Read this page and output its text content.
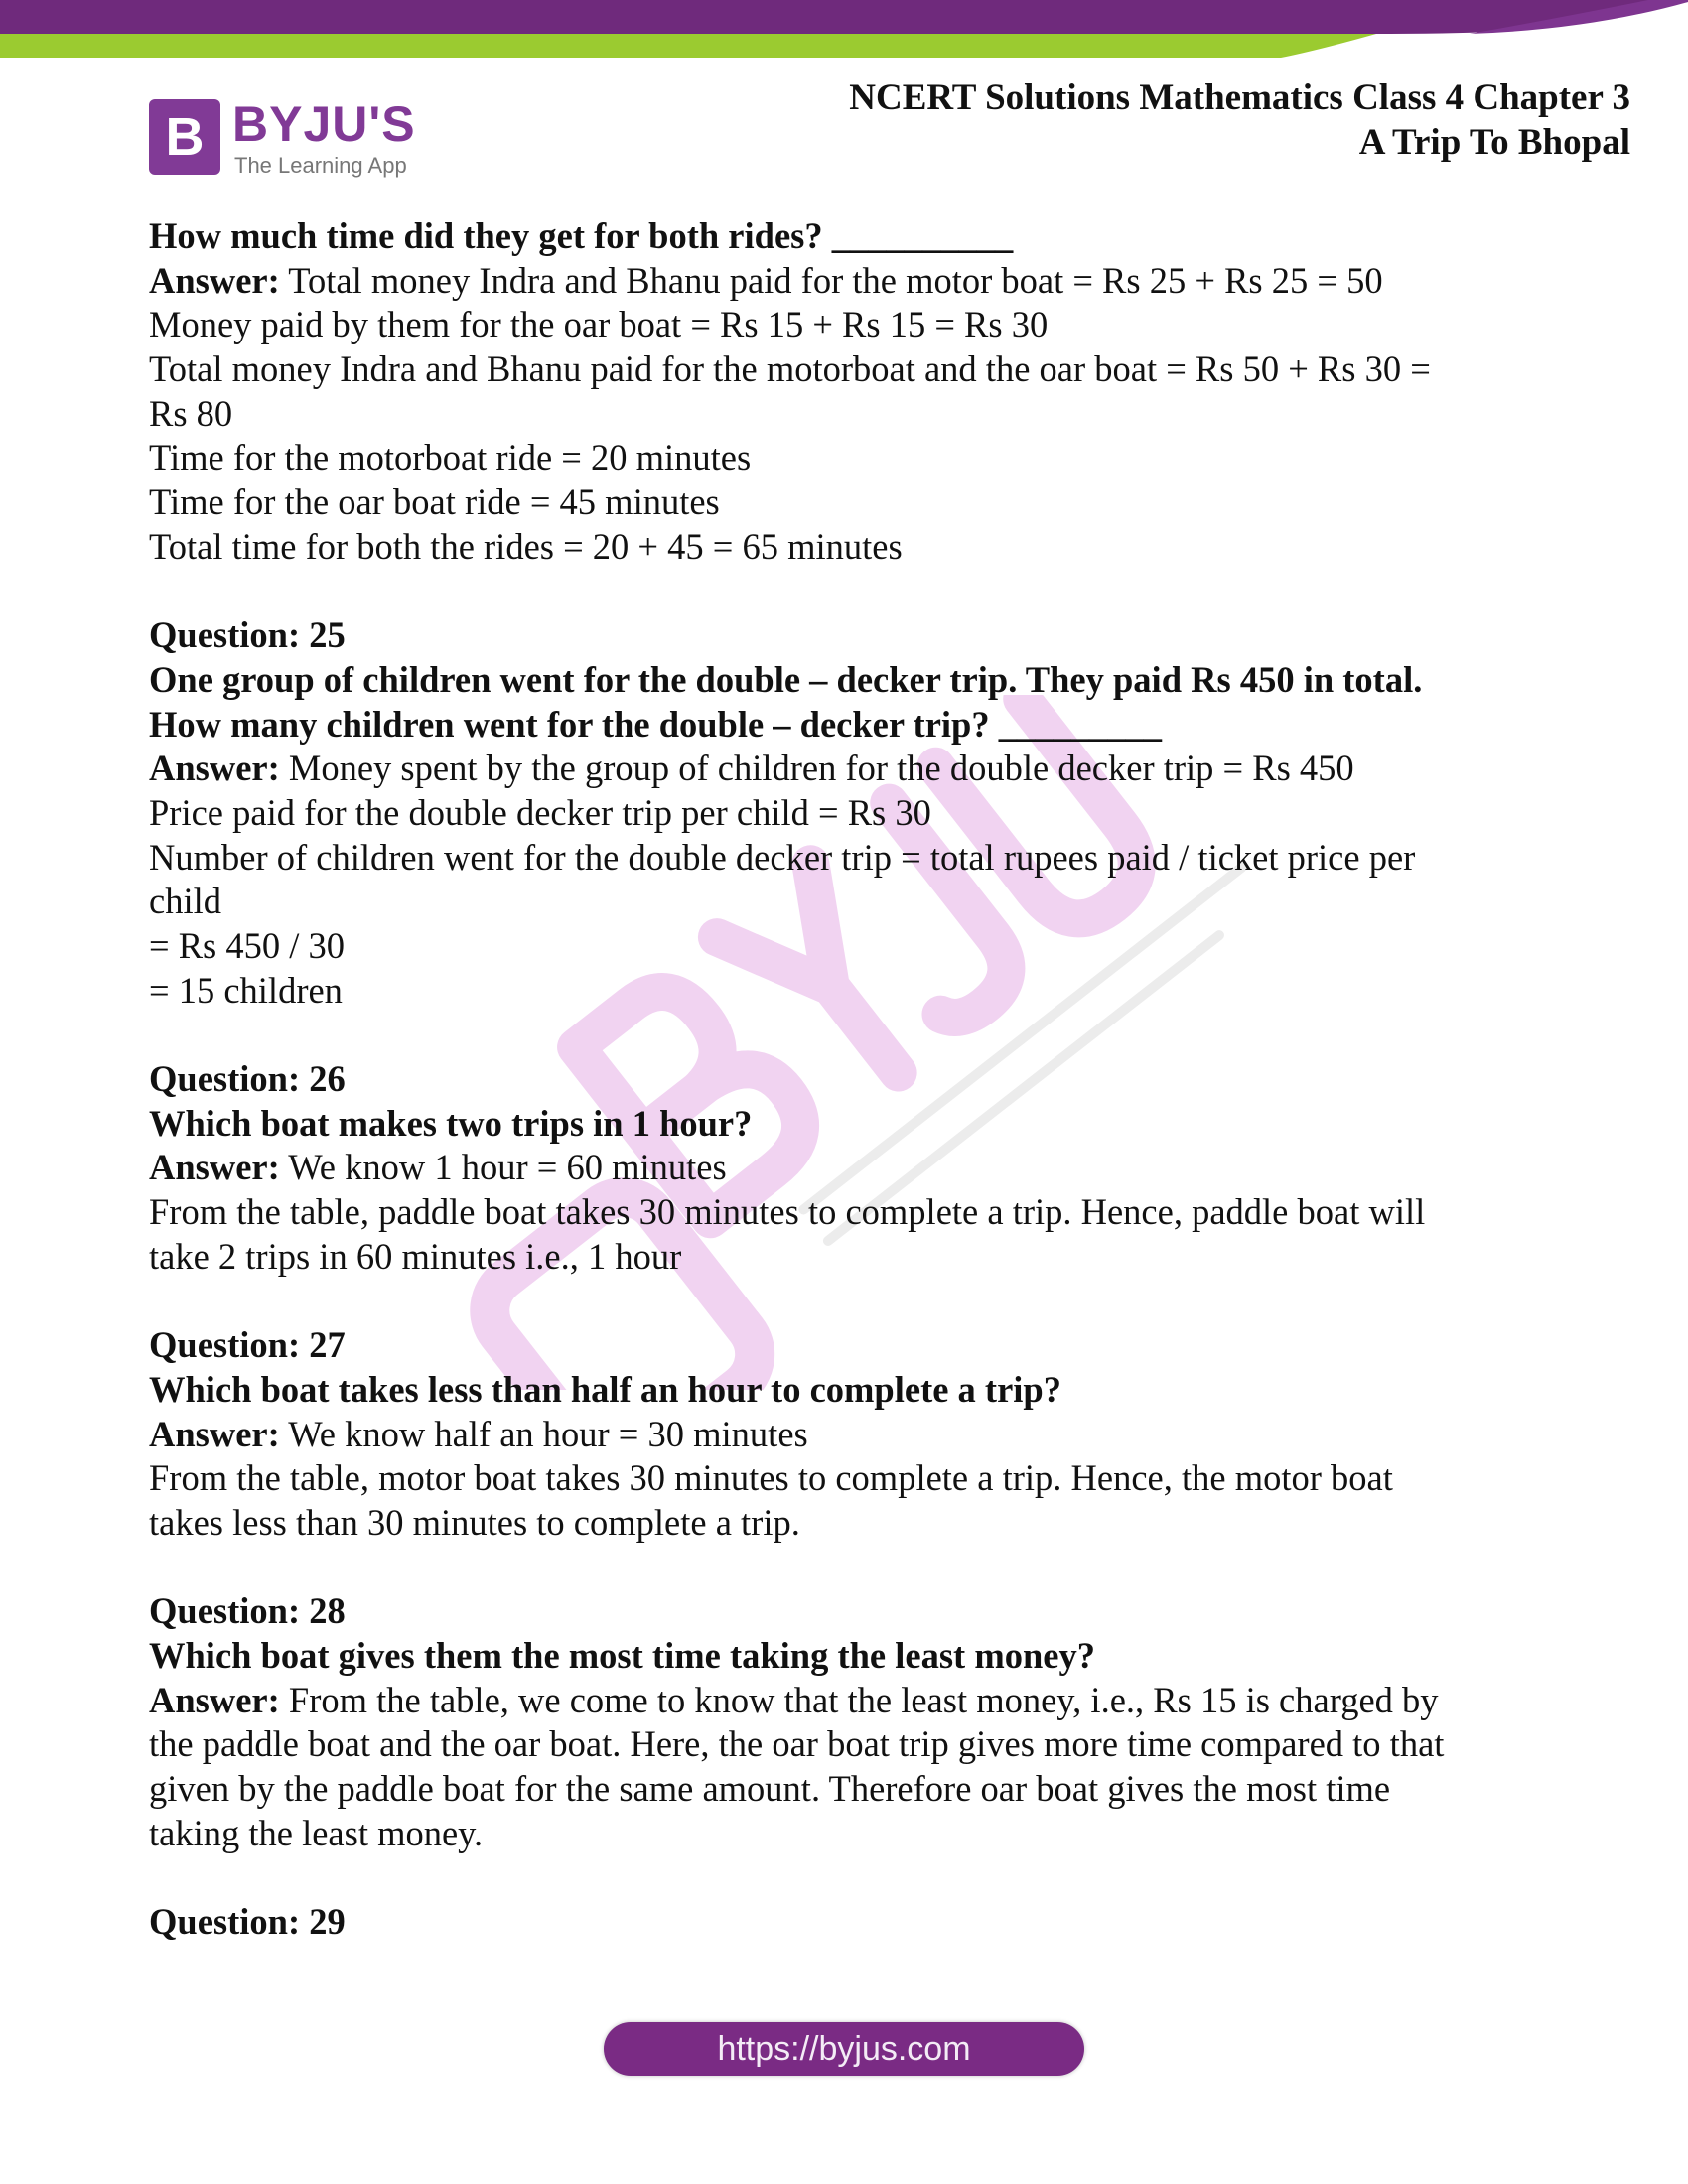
B BYJU'S
The Learning App
NCERT Solutions Mathematics Class 4 Chapter 3
A Trip To Bhopal
How much time did they get for both rides? __________
Answer: Total money Indra and Bhanu paid for the motor boat = Rs 25 + Rs 25 = 50
Money paid by them for the oar boat = Rs 15 + Rs 15 = Rs 30
Total money Indra and Bhanu paid for the motorboat and the oar boat = Rs 50 + Rs 30 =
Rs 80
Time for the motorboat ride = 20 minutes
Time for the oar boat ride = 45 minutes
Total time for both the rides = 20 + 45 = 65 minutes
Question: 25
One group of children went for the double – decker trip. They paid Rs 450 in total.
How many children went for the double – decker trip? _________
Answer: Money spent by the group of children for the double decker trip = Rs 450
Price paid for the double decker trip per child = Rs 30
Number of children went for the double decker trip = total rupees paid / ticket price per
child
= Rs 450 / 30
= 15 children
Question: 26
Which boat makes two trips in 1 hour?
Answer: We know 1 hour = 60 minutes
From the table, paddle boat takes 30 minutes to complete a trip. Hence, paddle boat will
take 2 trips in 60 minutes i.e., 1 hour
Question: 27
Which boat takes less than half an hour to complete a trip?
Answer: We know half an hour = 30 minutes
From the table, motor boat takes 30 minutes to complete a trip. Hence, the motor boat
takes less than 30 minutes to complete a trip.
Question: 28
Which boat gives them the most time taking the least money?
Answer: From the table, we come to know that the least money, i.e., Rs 15 is charged by
the paddle boat and the oar boat. Here, the oar boat trip gives more time compared to that
given by the paddle boat for the same amount. Therefore oar boat gives the most time
taking the least money.
Question: 29
https://byjus.com
